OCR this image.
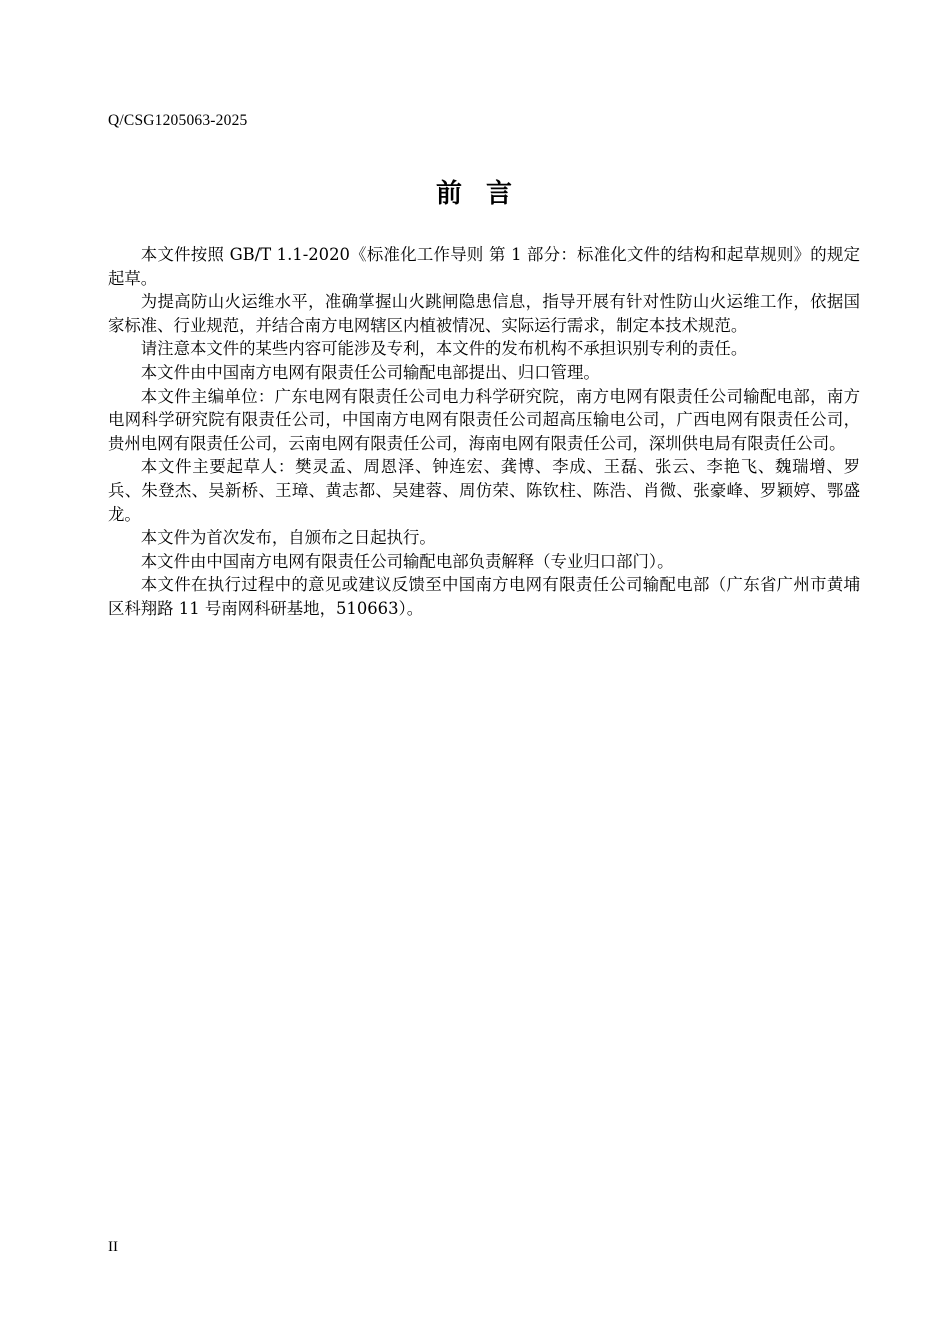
Q/CSG1205063-2025
前 言

本文件按照 GB/T 1.1-2020《标准化工作导则 第 1 部分：标准化文件的结构和起草规则》的规定起草。

为提高防山火运维水平，准确掌握山火跳闸隐患信息，指导开展有针对性防山火运维工作，依据国家标准、行业规范，并结合南方电网辖区内植被情况、实际运行需求，制定本技术规范。

请注意本文件的某些内容可能涉及专利，本文件的发布机构不承担识别专利的责任。

本文件由中国南方电网有限责任公司输配电部提出、归口管理。

本文件主编单位：广东电网有限责任公司电力科学研究院，南方电网有限责任公司输配电部，南方电网科学研究院有限责任公司，中国南方电网有限责任公司超高压输电公司，广西电网有限责任公司，贵州电网有限责任公司，云南电网有限责任公司，海南电网有限责任公司，深圳供电局有限责任公司。

本文件主要起草人：樊灵孟、周恩泽、钟连宏、龚博、李成、王磊、张云、李艳飞、魏瑞增、罗兵、朱登杰、吴新桥、王璋、黄志都、吴建蓉、周仿荣、陈钦柱、陈浩、肖微、张豪峰、罗颖婷、鄂盛龙。

本文件为首次发布，自颁布之日起执行。

本文件由中国南方电网有限责任公司输配电部负责解释（专业归口部门）。

本文件在执行过程中的意见或建议反馈至中国南方电网有限责任公司输配电部（广东省广州市黄埔区科翔路 11 号南网科研基地，510663）。

II
